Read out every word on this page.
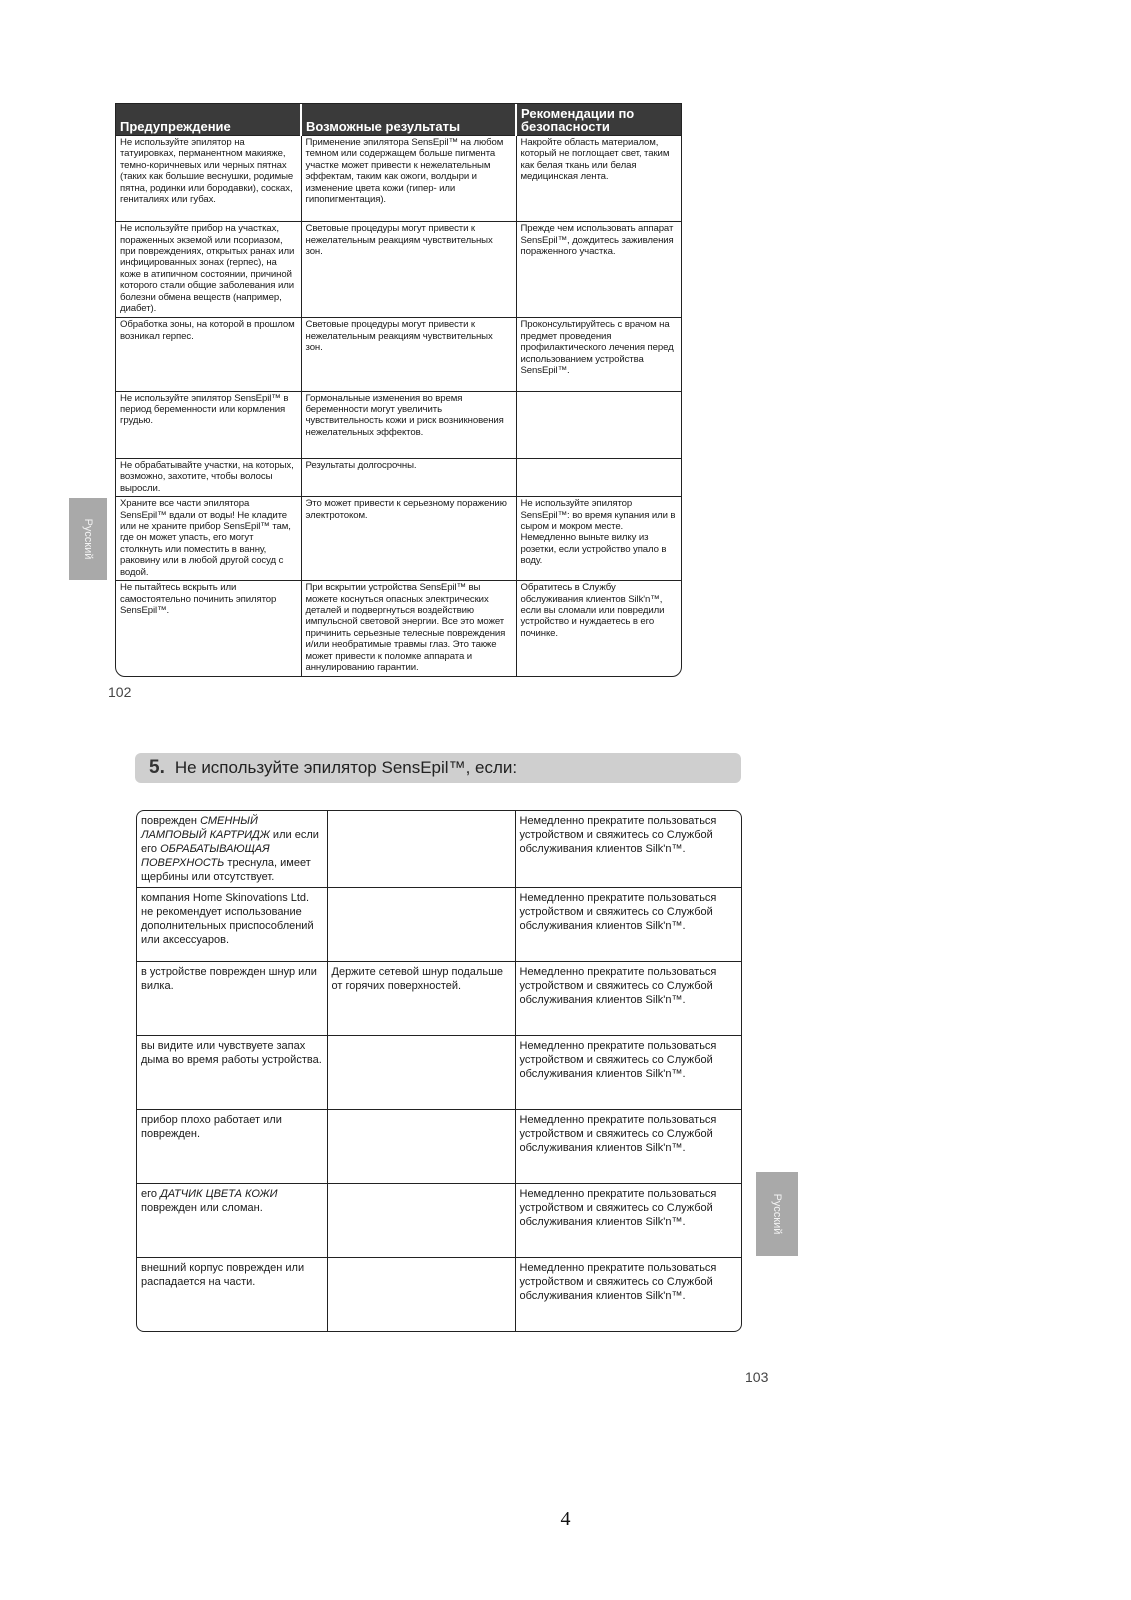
Предупреждение	Возможные результаты	Рекомендации по безопасности
Не используйте эпилятор на татуировках, перманентном макияже, темно-коричневых или черных пятнах (таких как большие веснушки, родимые пятна, родинки или бородавки), сосках, гениталиях или губах.	Применение эпилятора SensEpil™ на любом темном или содержащем больше пигмента участке может привести к нежелательным эффектам, таким как ожоги, волдыри и изменение цвета кожи (гипер- или гипопигментация).	Накройте область материалом, который не поглощает свет, таким как белая ткань или белая медицинская лента.
Не используйте прибор на участках, пораженных экземой или псориазом, при повреждениях, открытых ранах или инфицированных зонах (герпес), на коже в атипичном состоянии, причиной которого стали общие заболевания или болезни обмена веществ (например, диабет).	Световые процедуры могут привести к нежелательным реакциям чувствительных зон.	Прежде чем использовать аппарат SensEpil™, дождитесь заживления пораженного участка.
Обработка зоны, на которой в прошлом возникал герпес.	Световые процедуры могут привести к нежелательным реакциям чувствительных зон.	Проконсультируйтесь с врачом на предмет проведения профилактического лечения перед использованием устройства SensEpil™.
Не используйте эпилятор SensEpil™ в период беременности или кормления грудью.	Гормональные изменения во время беременности могут увеличить чувствительность кожи и риск возникновения нежелательных эффектов.	
Не обрабатывайте участки, на которых, возможно, захотите, чтобы волосы выросли.	Результаты долгосрочны.	
Храните все части эпилятора SensEpil™ вдали от воды! Не кладите или не храните прибор SensEpil™ там, где он может упасть, его могут столкнуть или поместить в ванну, раковину или в любой другой сосуд с водой.	Это может привести к серьезному поражению электротоком.	Не используйте эпилятор SensEpil™: во время купания или в сыром и мокром месте. Немедленно выньте вилку из розетки, если устройство упало в воду.
Не пытайтесь вскрыть или самостоятельно починить эпилятор SensEpil™.	При вскрытии устройства SensEpil™ вы можете коснуться опасных электрических деталей и подвергнуться воздействию импульсной световой энергии. Все это может причинить серьезные телесные повреждения и/или необратимые травмы глаз. Это также может привести к поломке аппарата и аннулированию гарантии.	Обратитесь в Службу обслуживания клиентов Silk'n™, если вы сломали или повредили устройство и нуждаетесь в его починке.
Русский
102
5. Не используйте эпилятор SensEpil™, если:
поврежден СМЕННЫЙ ЛАМПОВЫЙ КАРТРИДЖ или если его ОБРАБАТЫВАЮЩАЯ ПОВЕРХНОСТЬ треснула, имеет щербины или отсутствует.		Немедленно прекратите пользоваться устройством и свяжитесь со Службой обслуживания клиентов Silk'n™.
компания Home Skinovations Ltd. не рекомендует использование дополнительных приспособлений или аксессуаров.		Немедленно прекратите пользоваться устройством и свяжитесь со Службой обслуживания клиентов Silk'n™.
в устройстве поврежден шнур или вилка.	Держите сетевой шнур подальше от горячих поверхностей.	Немедленно прекратите пользоваться устройством и свяжитесь со Службой обслуживания клиентов Silk'n™.
вы видите или чувствуете запах дыма во время работы устройства.		Немедленно прекратите пользоваться устройством и свяжитесь со Службой обслуживания клиентов Silk'n™.
прибор плохо работает или поврежден.		Немедленно прекратите пользоваться устройством и свяжитесь со Службой обслуживания клиентов Silk'n™.
его ДАТЧИК ЦВЕТА КОЖИ поврежден или сломан.		Немедленно прекратите пользоваться устройством и свяжитесь со Службой обслуживания клиентов Silk'n™.
внешний корпус поврежден или распадается на части.		Немедленно прекратите пользоваться устройством и свяжитесь со Службой обслуживания клиентов Silk'n™.
Русский
103
4
